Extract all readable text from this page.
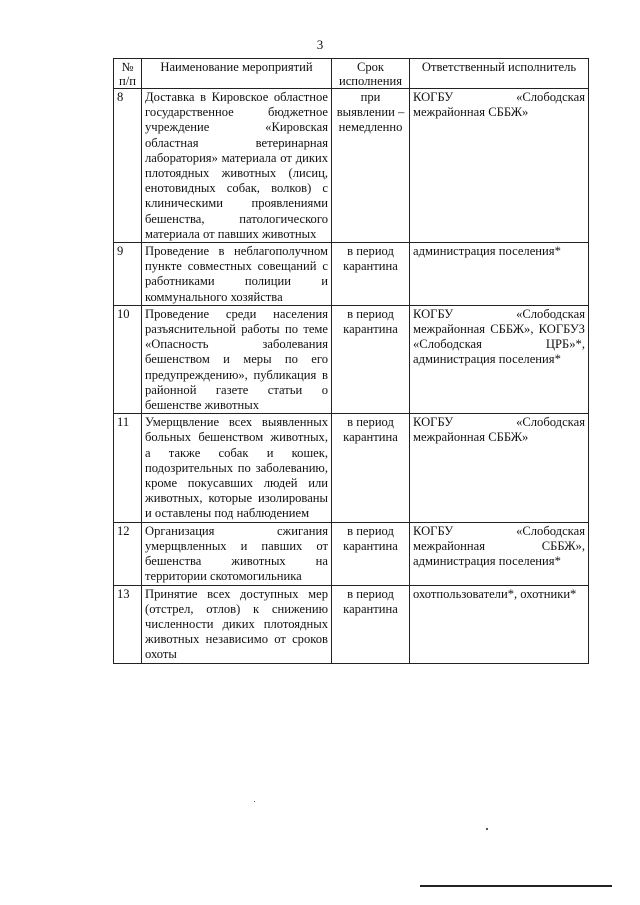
3
№ п/п	Наименование мероприятий	Срок исполнения	Ответственный исполнитель
8	Доставка в Кировское областное государственное бюджетное учреждение «Кировская областная ветеринарная лаборатория» материала от диких плотоядных животных (лисиц, енотовидных собак, волков) с клиническими проявлениями бешенства, патологического материала от павших животных	при выявлении – немедленно	КОГБУ «Слободская межрайонная СББЖ»
9	Проведение в неблагополучном пункте совместных совещаний с работниками полиции и коммунального хозяйства	в период карантина	администрация поселения*
10	Проведение среди населения разъяснительной работы по теме «Опасность заболевания бешенством и меры по его предупреждению», публикация в районной газете статьи о бешенстве животных	в период карантина	КОГБУ «Слободская межрайонная СББЖ», КОГБУЗ «Слободская ЦРБ»*, администрация поселения*
11	Умерщвление всех выявленных больных бешенством животных, а также собак и кошек, подозрительных по заболеванию, кроме покусавших людей или животных, которые изолированы и оставлены под наблюдением	в период карантина	КОГБУ «Слободская межрайонная СББЖ»
12	Организация сжигания умерщвленных и павших от бешенства животных на территории скотомогильника	в период карантина	КОГБУ «Слободская межрайонная СББЖ», администрация поселения*
13	Принятие всех доступных мер (отстрел, отлов) к снижению численности диких плотоядных животных независимо от сроков охоты	в период карантина	охотпользователи*, охотники*
